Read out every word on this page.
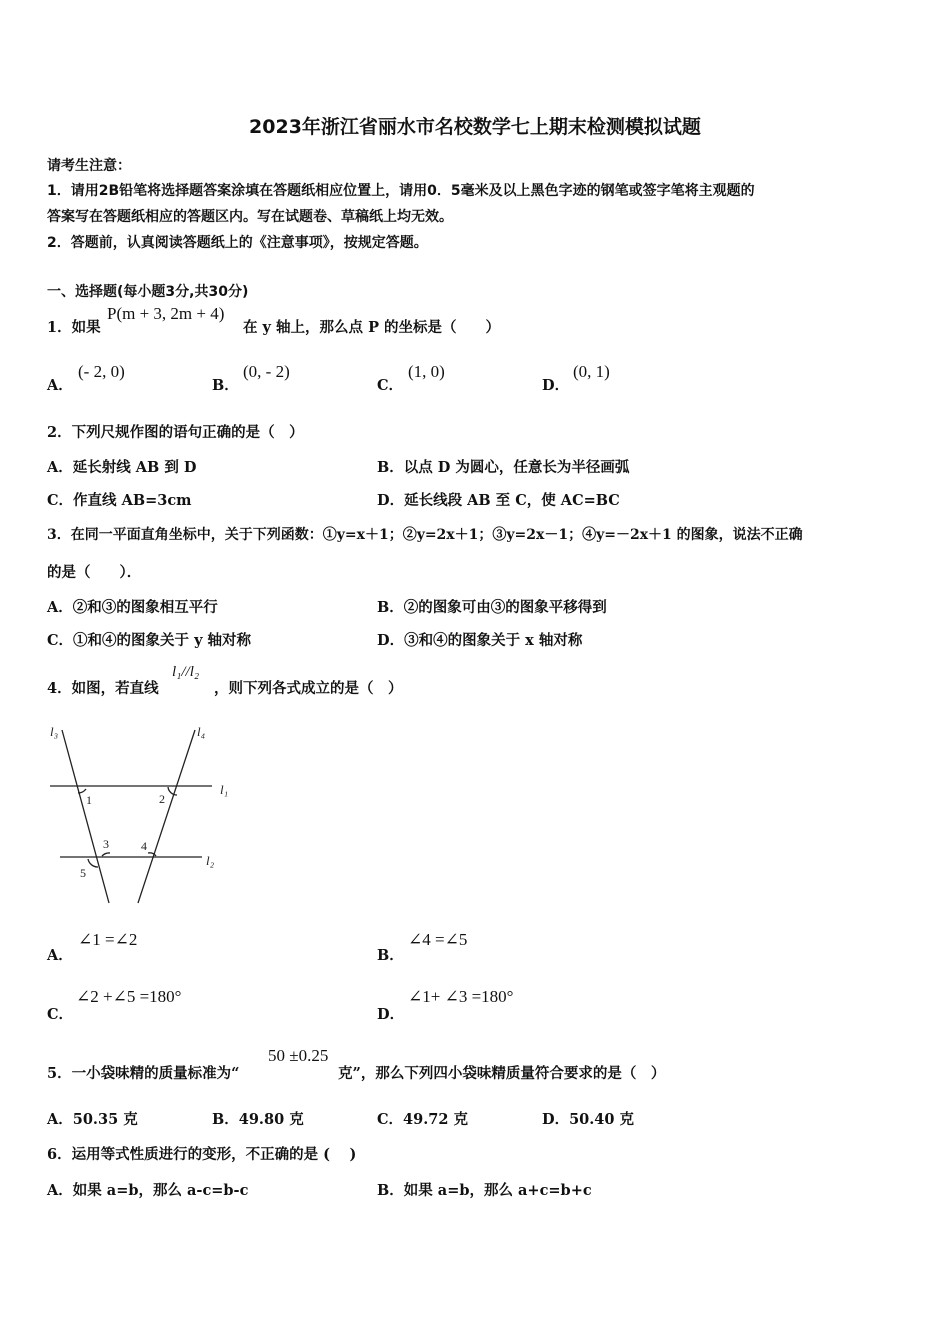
2023年浙江省丽水市名校数学七上期末检测模拟试题
请考生注意：
1．请用2B铅笔将选择题答案涂填在答题纸相应位置上，请用0．5毫米及以上黑色字迹的钢笔或签字笔将主观题的
答案写在答题纸相应的答题区内。写在试题卷、草稿纸上均无效。
2．答题前，认真阅读答题纸上的《注意事项》，按规定答题。
一、选择题(每小题3分,共30分)
1．如果
P(m + 3, 2m + 4)
在 y 轴上，那么点 P 的坐标是（　　）
A．
(- 2, 0)
B．
(0, - 2)
C．
(1, 0)
D．
(0, 1)
2．下列尺规作图的语句正确的是（　）
A．延长射线 AB 到 D	B．以点 D 为圆心，任意长为半径画弧
C．作直线 AB=3cm	D．延长线段 AB 至 C，使 AC=BC
3．在同一平面直角坐标中，关于下列函数：①y=x＋1；②y=2x＋1；③y=2x－1；④y=－2x＋1 的图象，说法不正确
的是（　　）．
A．②和③的图象相互平行	B．②的图象可由③的图象平移得到
C．①和④的图象关于 y 轴对称	D．③和④的图象关于 x 轴对称
4．如图，若直线
l₁//l₂
，则下列各式成立的是（　）
l₃	l₄
l₁
l₂
1	2
3	4
5
A．
∠1 =∠2
B．
∠4 =∠5
C．
∠2 +∠5 =180°
D．
∠1+ ∠3 =180°
5．一小袋味精的质量标准为“
50 ±0.25
克”，那么下列四小袋味精质量符合要求的是（　）
A．50.35 克	B．49.80 克	C．49.72 克	D．50.40 克
6．运用等式性质进行的变形，不正确的是 (　 )
A．如果 a=b，那么 a-c=b-c	B．如果 a=b，那么 a+c=b+c
